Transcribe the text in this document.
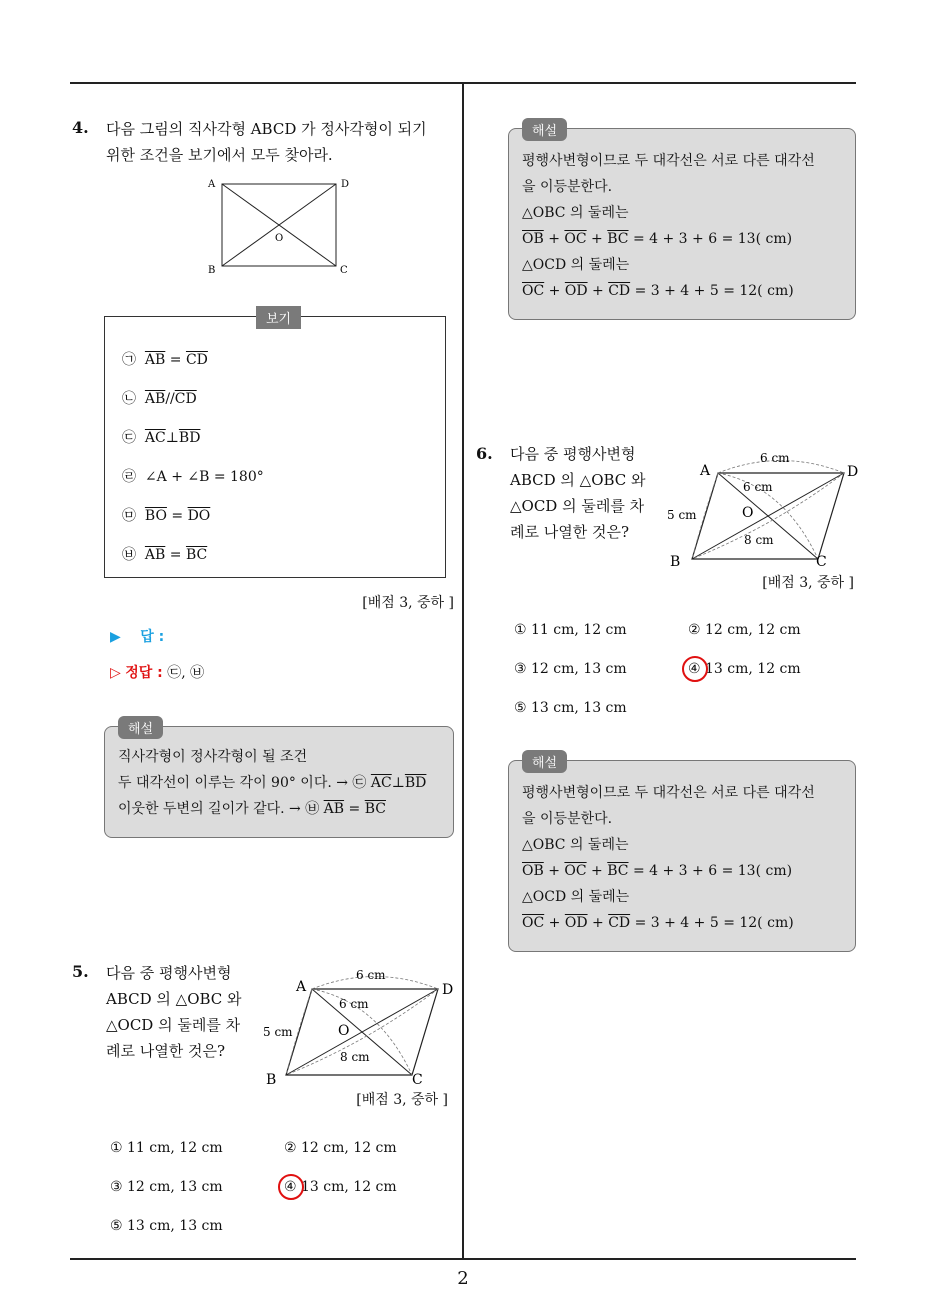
2
4. 다음 그림의 직사각형 ABCD 가 정사각형이 되기
위한 조건을 보기에서 모두 찾아라.
A	D
B	C
O
보기
㉠ $\overline{AB} = \overline{CD}$
㉡ $\overline{AB}//\overline{CD}$
㉢ $\overline{AC}\perp\overline{BD}$
㉣ ∠A + ∠B = 180°
㉤ $\overline{BO} = \overline{DO}$
㉥ $\overline{AB} = \overline{BC}$
[배점 3, 중하 ]
▶ 답 :
▷ 정답 : ㉢, ㉥
해설
직사각형이 정사각형이 될 조건
두 대각선이 이루는 각이 90° 이다. → ㉢ $\overline{AC}\perp\overline{BD}$
이웃한 두변의 길이가 같다. → ㉥ $\overline{AB} = \overline{BC}$
5. 다음 중 평행사변형
ABCD 의 △OBC 와
△OCD 의 둘레를 차
례로 나열한 것은?
A	D
B	C
O
6 cm
6 cm
5 cm
8 cm
[배점 3, 중하 ]
① 11 cm, 12 cm	② 12 cm, 12 cm
③ 12 cm, 13 cm	④ 13 cm, 12 cm
⑤ 13 cm, 13 cm
해설
평행사변형이므로 두 대각선은 서로 다른 대각선
을 이등분한다.
△OBC 의 둘레는
$\overline{OB} + \overline{OC} + \overline{BC} = 4 + 3 + 6 = 13$( cm)
△OCD 의 둘레는
$\overline{OC} + \overline{OD} + \overline{CD} = 3 + 4 + 5 = 12$( cm)
6. 다음 중 평행사변형
ABCD 의 △OBC 와
△OCD 의 둘레를 차
례로 나열한 것은?
A	D
B	C
O
6 cm
6 cm
5 cm
8 cm
[배점 3, 중하 ]
① 11 cm, 12 cm	② 12 cm, 12 cm
③ 12 cm, 13 cm	④ 13 cm, 12 cm
⑤ 13 cm, 13 cm
해설
평행사변형이므로 두 대각선은 서로 다른 대각선
을 이등분한다.
△OBC 의 둘레는
$\overline{OB} + \overline{OC} + \overline{BC} = 4 + 3 + 6 = 13$( cm)
△OCD 의 둘레는
$\overline{OC} + \overline{OD} + \overline{CD} = 3 + 4 + 5 = 12$( cm)
